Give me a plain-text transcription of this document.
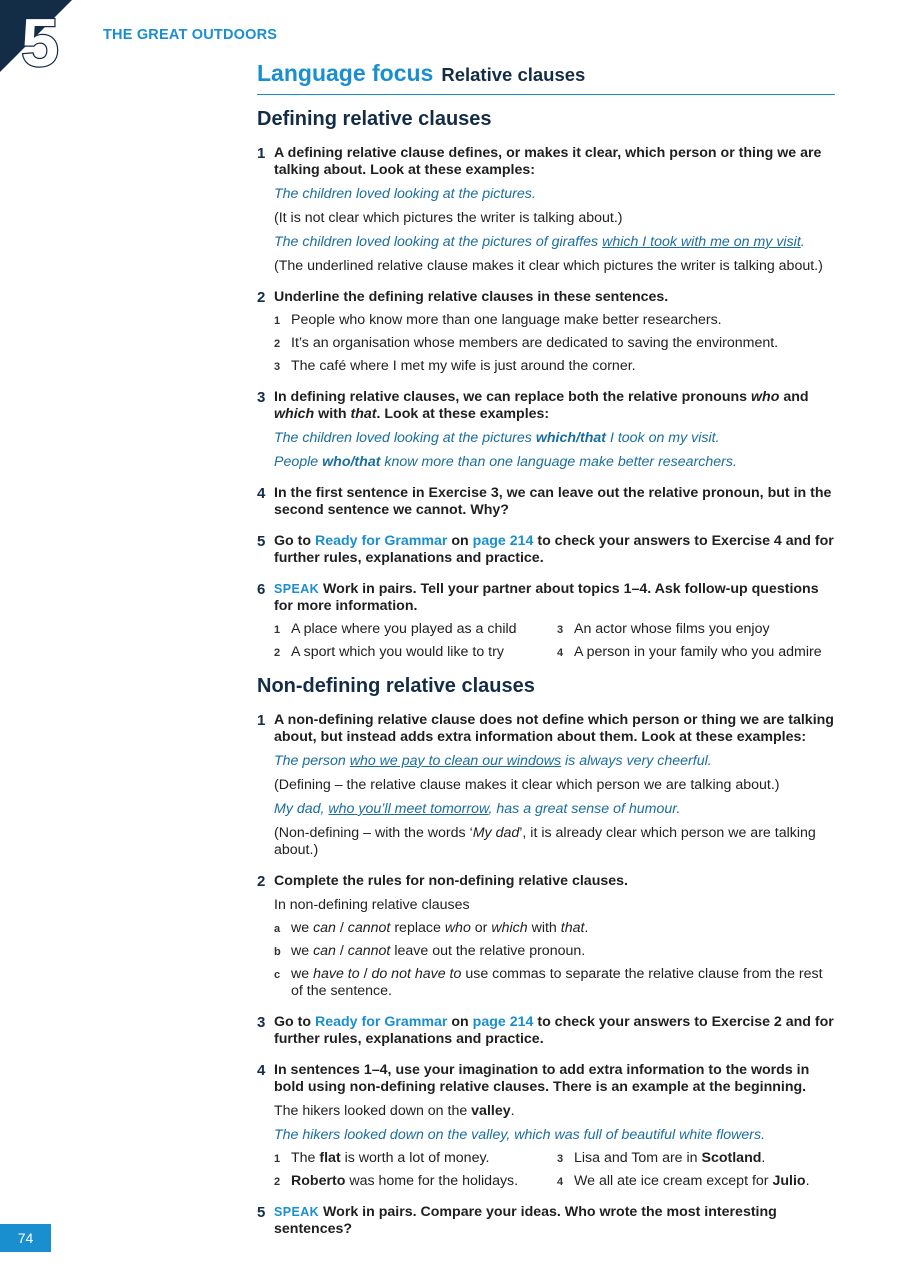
5	THE GREAT OUTDOORS
Language focus Relative clauses
Defining relative clauses
1 A defining relative clause defines, or makes it clear, which person or thing we are talking about. Look at these examples:
The children loved looking at the pictures.
(It is not clear which pictures the writer is talking about.)
The children loved looking at the pictures of giraffes which I took with me on my visit.
(The underlined relative clause makes it clear which pictures the writer is talking about.)
2 Underline the defining relative clauses in these sentences.
1 People who know more than one language make better researchers.
2 It’s an organisation whose members are dedicated to saving the environment.
3 The café where I met my wife is just around the corner.
3 In defining relative clauses, we can replace both the relative pronouns who and which with that. Look at these examples:
The children loved looking at the pictures which/that I took on my visit.
People who/that know more than one language make better researchers.
4 In the first sentence in Exercise 3, we can leave out the relative pronoun, but in the second sentence we cannot. Why?
5 Go to Ready for Grammar on page 214 to check your answers to Exercise 4 and for further rules, explanations and practice.
6 SPEAK Work in pairs. Tell your partner about topics 1–4. Ask follow-up questions for more information.
1 A place where you played as a child	3 An actor whose films you enjoy
2 A sport which you would like to try	4 A person in your family who you admire
Non-defining relative clauses
1 A non-defining relative clause does not define which person or thing we are talking about, but instead adds extra information about them. Look at these examples:
The person who we pay to clean our windows is always very cheerful.
(Defining – the relative clause makes it clear which person we are talking about.)
My dad, who you’ll meet tomorrow, has a great sense of humour.
(Non-defining – with the words ‘My dad’, it is already clear which person we are talking about.)
2 Complete the rules for non-defining relative clauses.
In non-defining relative clauses
a we can / cannot replace who or which with that.
b we can / cannot leave out the relative pronoun.
c we have to / do not have to use commas to separate the relative clause from the rest of the sentence.
3 Go to Ready for Grammar on page 214 to check your answers to Exercise 2 and for further rules, explanations and practice.
4 In sentences 1–4, use your imagination to add extra information to the words in bold using non-defining relative clauses. There is an example at the beginning.
The hikers looked down on the valley.
The hikers looked down on the valley, which was full of beautiful white flowers.
1 The flat is worth a lot of money.	3 Lisa and Tom are in Scotland.
2 Roberto was home for the holidays.	4 We all ate ice cream except for Julio.
5 SPEAK Work in pairs. Compare your ideas. Who wrote the most interesting sentences?
74
